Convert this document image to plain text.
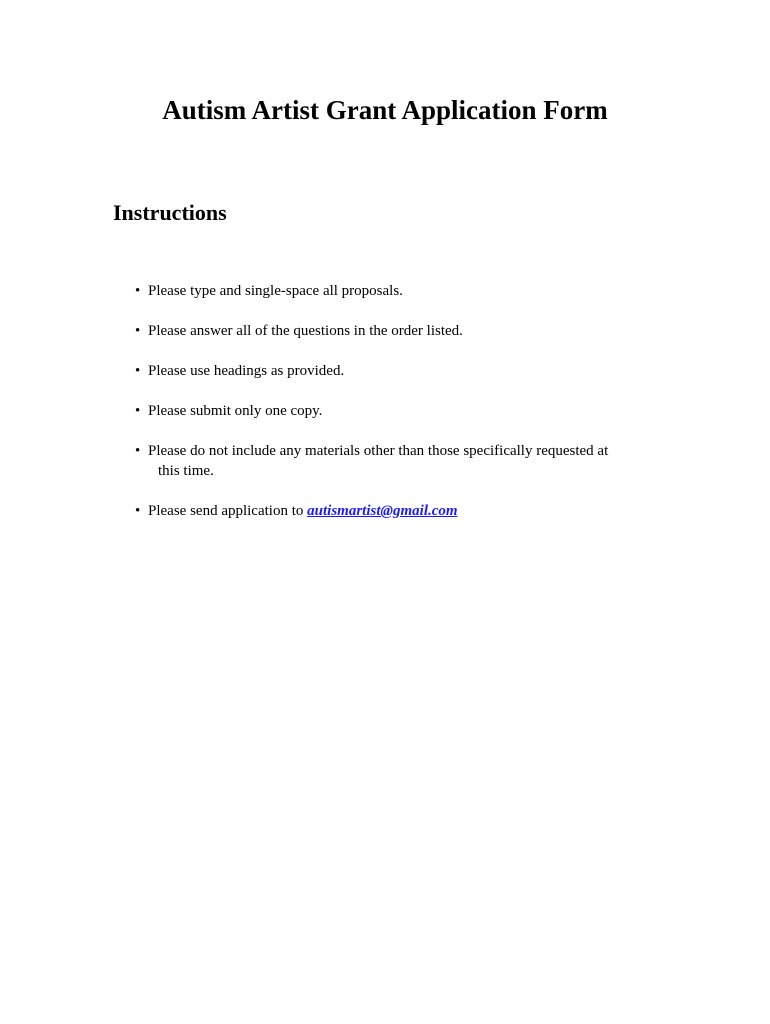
Autism Artist Grant Application Form
Instructions
• Please type and single-space all proposals.
• Please answer all of the questions in the order listed.
• Please use headings as provided.
• Please submit only one copy.
• Please do not include any materials other than those specifically requested at
this time.
• Please send application to autismartist@gmail.com
